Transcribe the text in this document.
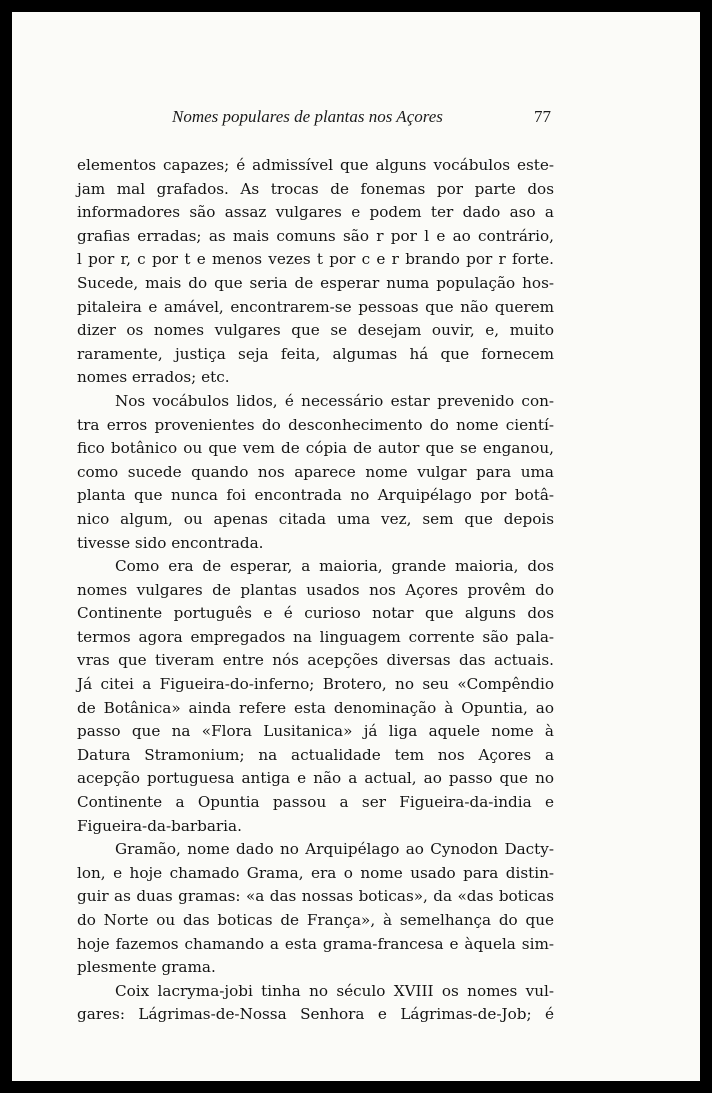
Nomes populares de plantas nos Açores	77
elementos capazes; é admissível que alguns vocábulos este-
jam mal grafados. As trocas de fonemas por parte dos
informadores são assaz vulgares e podem ter dado aso a
grafias erradas; as mais comuns são r por l e ao contrário,
l por r, c por t e menos vezes t por c e r brando por r forte.
Sucede, mais do que seria de esperar numa população hos-
pitaleira e amável, encontrarem-se pessoas que não querem
dizer os nomes vulgares que se desejam ouvir, e, muito
raramente, justiça seja feita, algumas há que fornecem
nomes errados; etc.
Nos vocábulos lidos, é necessário estar prevenido con-
tra erros provenientes do desconhecimento do nome cientí-
fico botânico ou que vem de cópia de autor que se enganou,
como sucede quando nos aparece nome vulgar para uma
planta que nunca foi encontrada no Arquipélago por botâ-
nico algum, ou apenas citada uma vez, sem que depois
tivesse sido encontrada.
Como era de esperar, a maioria, grande maioria, dos
nomes vulgares de plantas usados nos Açores provêm do
Continente português e é curioso notar que alguns dos
termos agora empregados na linguagem corrente são pala-
vras que tiveram entre nós acepções diversas das actuais.
Já citei a Figueira-do-inferno; Brotero, no seu «Compêndio
de Botânica» ainda refere esta denominação à Opuntia, ao
passo que na «Flora Lusitanica» já liga aquele nome à
Datura Stramonium; na actualidade tem nos Açores a
acepção portuguesa antiga e não a actual, ao passo que no
Continente a Opuntia passou a ser Figueira-da-india e
Figueira-da-barbaria.
Gramão, nome dado no Arquipélago ao Cynodon Dacty-
lon, e hoje chamado Grama, era o nome usado para distin-
guir as duas gramas: «a das nossas boticas», da «das boticas
do Norte ou das boticas de França», à semelhança do que
hoje fazemos chamando a esta grama-francesa e àquela sim-
plesmente grama.
Coix lacryma-jobi tinha no século XVIII os nomes vul-
gares: Lágrimas-de-Nossa Senhora e Lágrimas-de-Job; é
